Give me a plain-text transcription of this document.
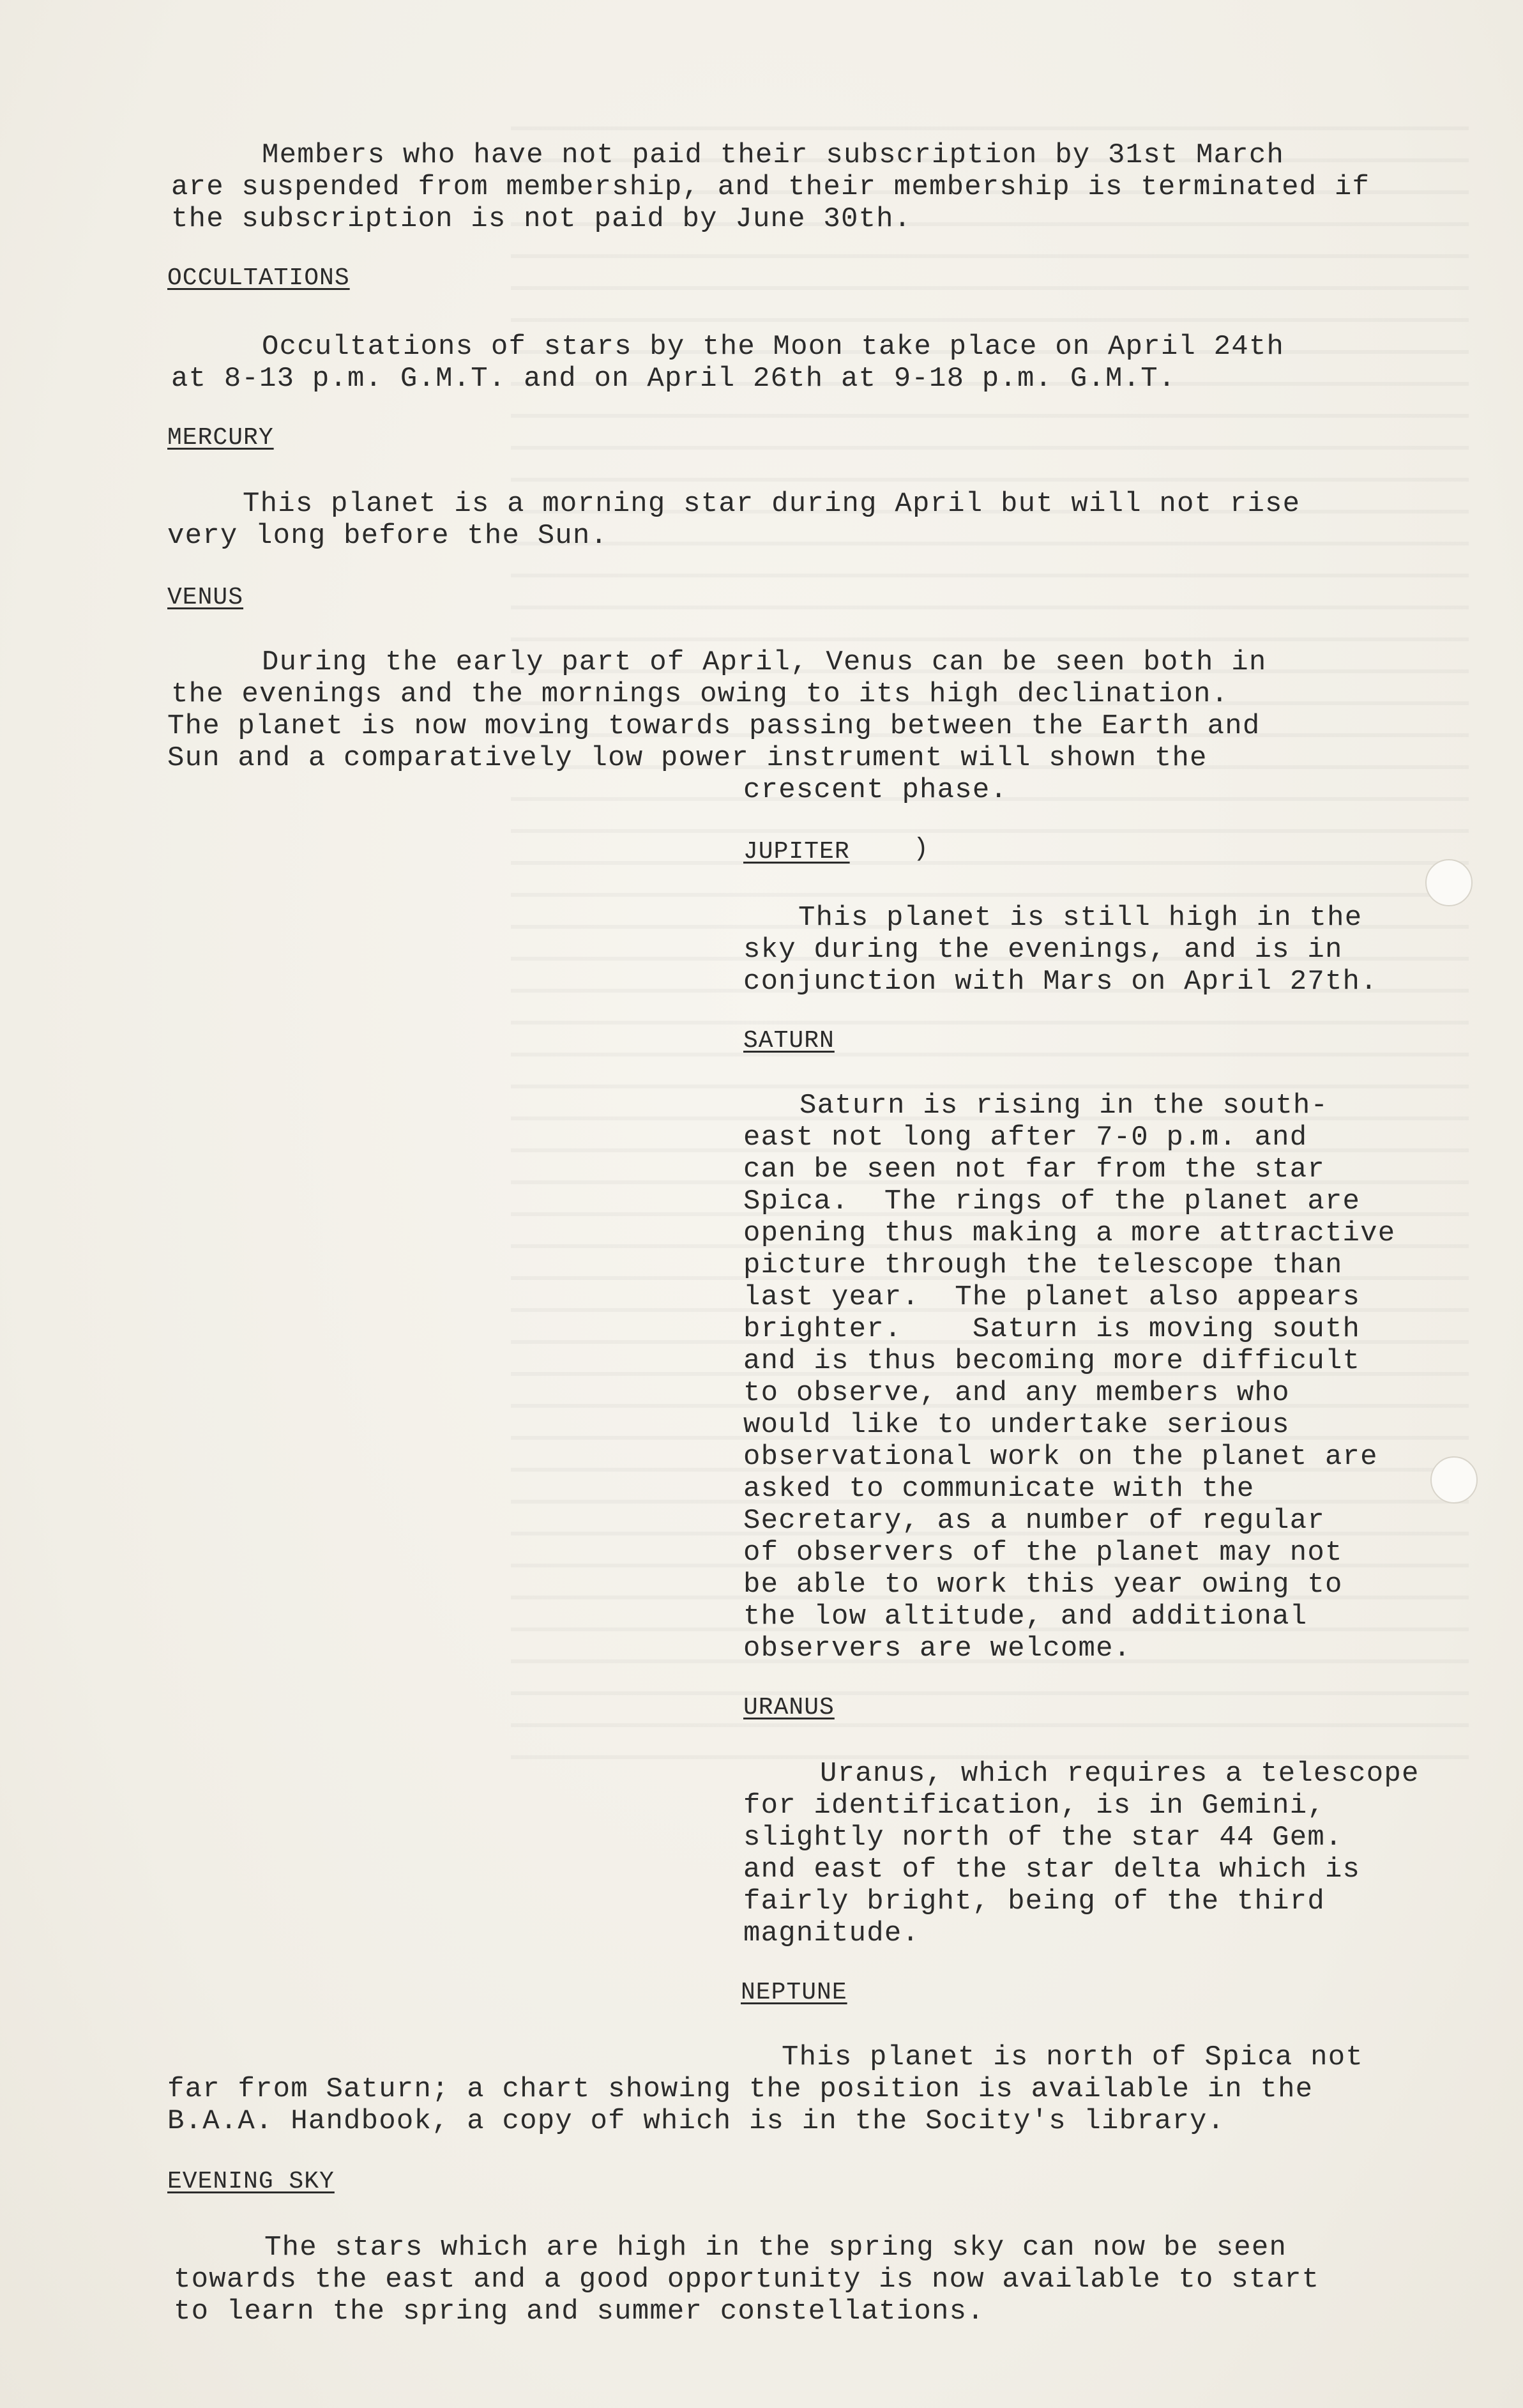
Members who have not paid their subscription by 31st March
are suspended from membership, and their membership is terminated if
the subscription is not paid by June 30th.
OCCULTATIONS
Occultations of stars by the Moon take place on April 24th
at 8-13 p.m. G.M.T. and on April 26th at 9-18 p.m. G.M.T.
MERCURY
This planet is a morning star during April but will not rise
very long before the Sun.
VENUS
During the early part of April, Venus can be seen both in
the evenings and the mornings owing to its high declination.
The planet is now moving towards passing between the Earth and
Sun and a comparatively low power instrument will shown the
crescent phase.
JUPITER )
This planet is still high in the
sky during the evenings, and is in
conjunction with Mars on April 27th.
SATURN
Saturn is rising in the south-
east not long after 7-0 p.m. and
can be seen not far from the star
Spica.  The rings of the planet are
opening thus making a more attractive
picture through the telescope than
last year.  The planet also appears
brighter.    Saturn is moving south
and is thus becoming more difficult
to observe, and any members who
would like to undertake serious
observational work on the planet are
asked to communicate with the
Secretary, as a number of regular
of observers of the planet may not
be able to work this year owing to
the low altitude, and additional
observers are welcome.
URANUS
Uranus, which requires a telescope
for identification, is in Gemini,
slightly north of the star 44 Gem.
and east of the star delta which is
fairly bright, being of the third
magnitude.
NEPTUNE
This planet is north of Spica not
far from Saturn; a chart showing the position is available in the
B.A.A. Handbook, a copy of which is in the Socity's library.
EVENING SKY
The stars which are high in the spring sky can now be seen
towards the east and a good opportunity is now available to start
to learn the spring and summer constellations.
